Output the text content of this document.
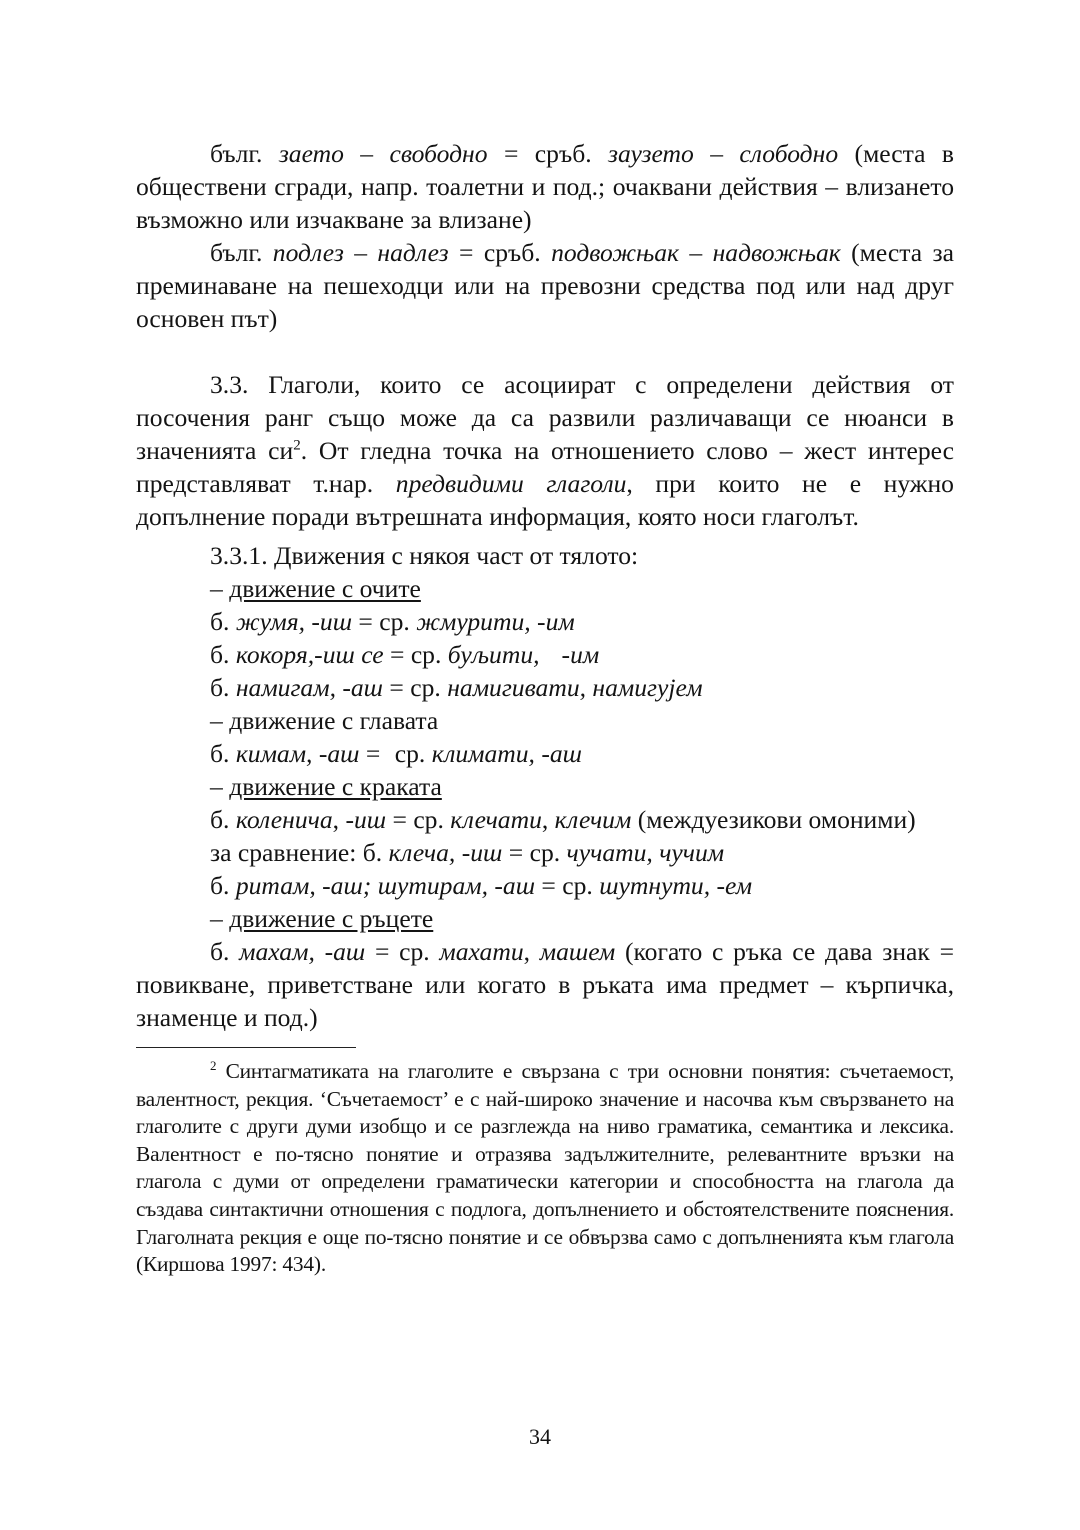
бълг. заето – свободно = сръб. заузето – слободно (места в обществени сгради, напр. тоалетни и под.; очаквани действия – влизането възможно или изчакване за влизане)

бълг. подлез – надлез = сръб. подвожњак – надвожњак (места за преминаване на пешеходци или на превозни средства под или над друг основен път)

3.3. Глаголи, които се асоциират с определени действия от посочения ранг също може да са развили различаващи се нюанси в значенията $си^2$. От гледна точка на отношението слово – жест интерес представляват т.нар. предвидими глаголи, при които не е нужно допълнение поради вътрешната информация, която носи глаголът.

3.3.1. Движения с някоя част от тялото:
– движение с очите
б. жумя, -иш = ср. жмурити, -им
б. кокоря,-иш се = ср. буљити, -им
б. намигам, -аш = ср. намигивати, намигујем
– движение с главата
б. кимам, -аш = ср. климати, -аш
– движение с краката

б. коленича, -иш = ср. клечати, клечим (междуезикови омоними)

за сравнение: б. клеча, -иш = ср. чучати, чучим
б. ритам, -аш; шутирам, -аш = ср. шутнути, -ем
– движение с ръцете

б. махам, -аш = ср. махати, машем (когато с ръка се дава знак = повикване, приветстване или когато в ръката има предмет – кърпичка, знаменце и под.)

$^2$ Синтагматиката на глаголите е свързана с три основни понятия: съчетаемост, валентност, рекция. ‘Съчетаемост’ е с най-широко значение и насочва към свързването на глаголите с други думи изобщо и се разглежда на ниво граматика, семантика и лексика. Валентност е по-тясно понятие и отразява задължителните, релевантните връзки на глагола с думи от определени граматически категории и способността на глагола да създава синтактични отношения с подлога, допълнението и обстоятелствените пояснения. Глаголната рекция е още по-тясно понятие и се обвързва само с допълненията към глагола (Киршова 1997: 434).

34
